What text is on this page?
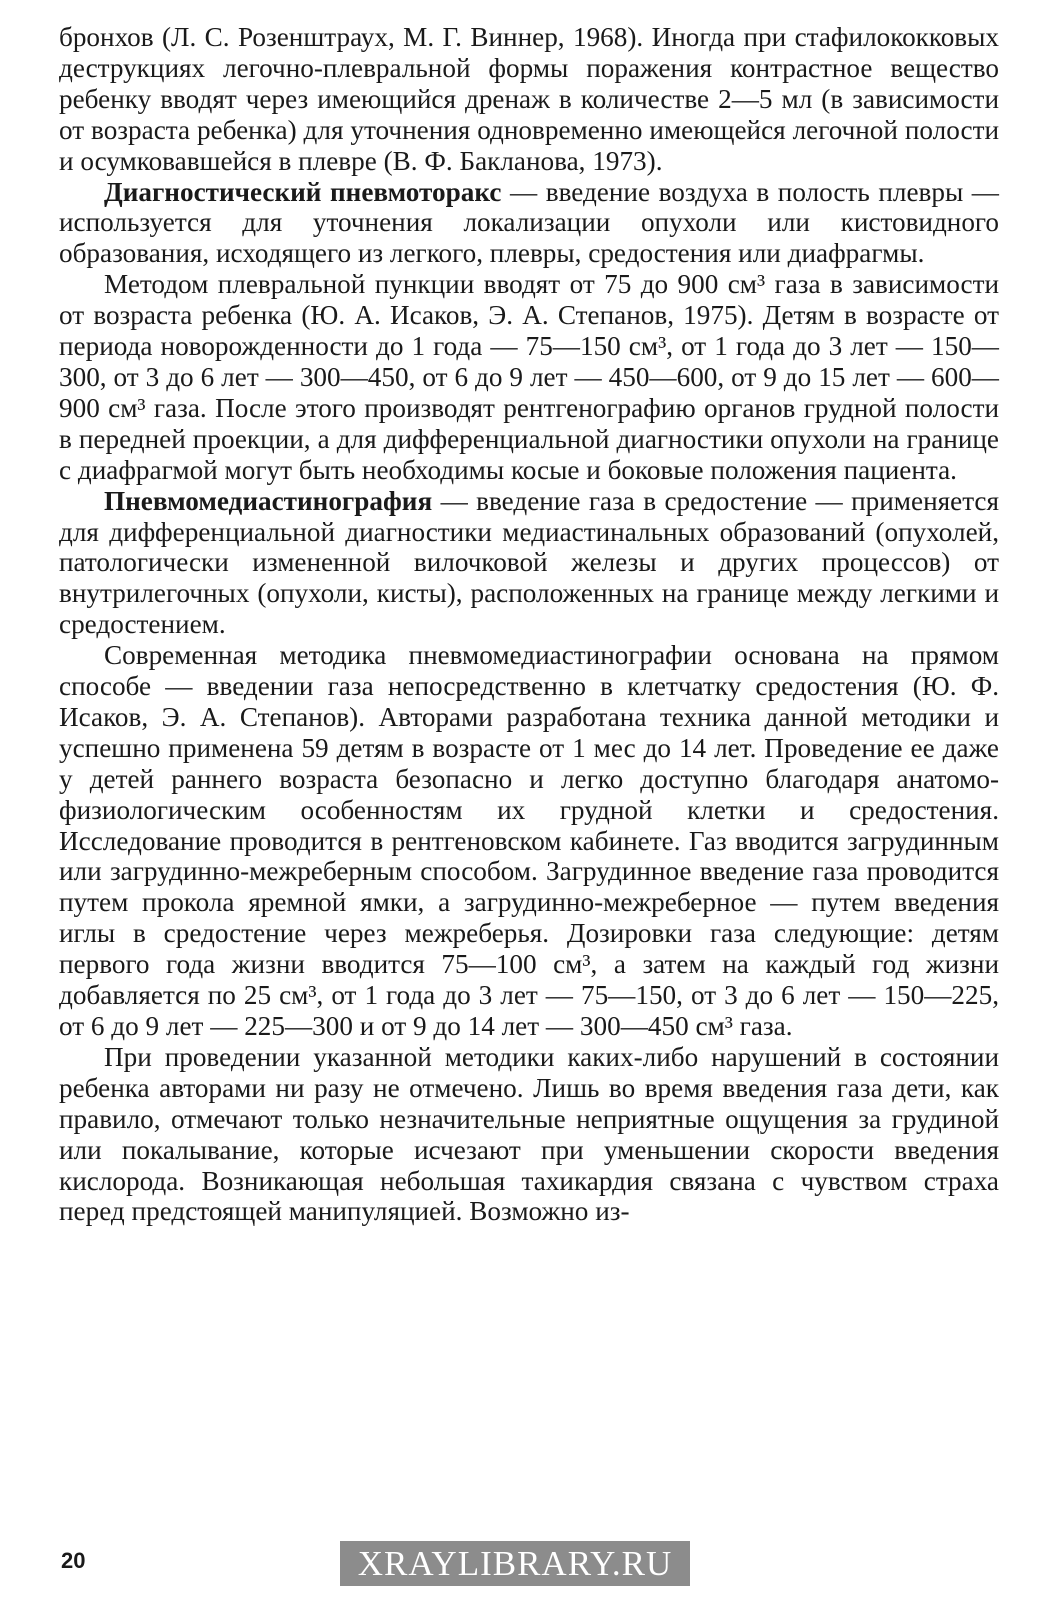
бронхов (Л. С. Розенштраух, М. Г. Виннер, 1968). Иногда при стафилококковых деструкциях легочно-плевральной формы поражения контрастное вещество ребенку вводят через имеющийся дренаж в количестве 2—5 мл (в зависимости от возраста ребенка) для уточнения одновременно имеющейся легочной полости и осумковавшейся в плевре (В. Ф. Бакланова, 1973).

Диагностический пневмоторакс — введение воздуха в полость плевры — используется для уточнения локализации опухоли или кистовидного образования, исходящего из легкого, плевры, средостения или диафрагмы.

Методом плевральной пункции вводят от 75 до 900 см³ газа в зависимости от возраста ребенка (Ю. А. Исаков, Э. А. Степанов, 1975). Детям в возрасте от периода новорожденности до 1 года — 75—150 см³, от 1 года до 3 лет — 150—300, от 3 до 6 лет — 300—450, от 6 до 9 лет — 450—600, от 9 до 15 лет — 600—900 см³ газа. После этого производят рентгенографию органов грудной полости в передней проекции, а для дифференциальной диагностики опухоли на границе с диафрагмой могут быть необходимы косые и боковые положения пациента.

Пневмомедиастинография — введение газа в средостение — применяется для дифференциальной диагностики медиастинальных образований (опухолей, патологически измененной вилочковой железы и других процессов) от внутрилегочных (опухоли, кисты), расположенных на границе между легкими и средостением.

Современная методика пневмомедиастинографии основана на прямом способе — введении газа непосредственно в клетчатку средостения (Ю. Ф. Исаков, Э. А. Степанов). Авторами разработана техника данной методики и успешно применена 59 детям в возрасте от 1 мес до 14 лет. Проведение ее даже у детей раннего возраста безопасно и легко доступно благодаря анатомо-физиологическим особенностям их грудной клетки и средостения. Исследование проводится в рентгеновском кабинете. Газ вводится загрудинным или загрудинно-межреберным способом. Загрудинное введение газа проводится путем прокола яремной ямки, а загрудинно-межреберное — путем введения иглы в средостение через межреберья. Дозировки газа следующие: детям первого года жизни вводится 75—100 см³, а затем на каждый год жизни добавляется по 25 см³, от 1 года до 3 лет — 75—150, от 3 до 6 лет — 150—225, от 6 до 9 лет — 225—300 и от 9 до 14 лет — 300—450 см³ газа.

При проведении указанной методики каких-либо нарушений в состоянии ребенка авторами ни разу не отмечено. Лишь во время введения газа дети, как правило, отмечают только незначительные неприятные ощущения за грудиной или покалывание, которые исчезают при уменьшении скорости введения кислорода. Возникающая небольшая тахикардия связана с чувством страха перед предстоящей манипуляцией. Возможно из-

20	XRAYLIBRARY.RU
